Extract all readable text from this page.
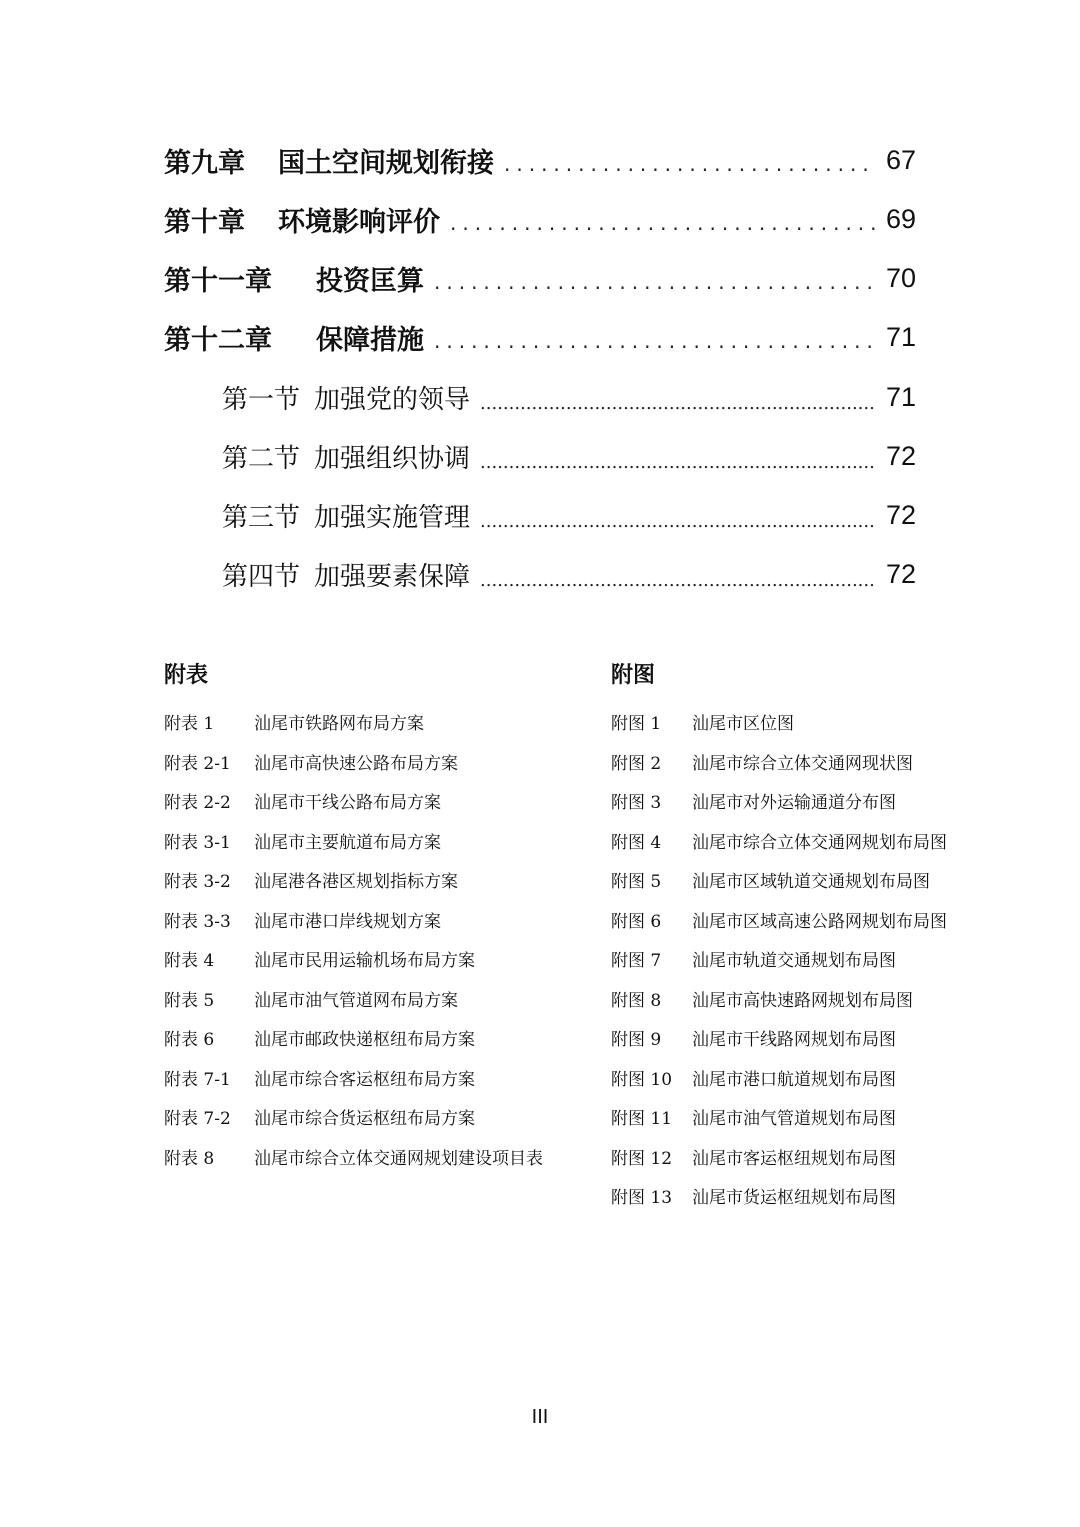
第九章 国土空间规划衔接 .....	67
第十章 环境影响评价 .....	69
第十一章 投资匡算 .....	70
第十二章 保障措施 .....	71
第一节 加强党的领导 .....	71
第二节 加强组织协调 .....	72
第三节 加强实施管理 .....	72
第四节 加强要素保障 .....	72
附表
附表 1	汕尾市铁路网布局方案
附表 2-1	汕尾市高快速公路布局方案
附表 2-2	汕尾市干线公路布局方案
附表 3-1	汕尾市主要航道布局方案
附表 3-2	汕尾港各港区规划指标方案
附表 3-3	汕尾市港口岸线规划方案
附表 4	汕尾市民用运输机场布局方案
附表 5	汕尾市油气管道网布局方案
附表 6	汕尾市邮政快递枢纽布局方案
附表 7-1	汕尾市综合客运枢纽布局方案
附表 7-2	汕尾市综合货运枢纽布局方案
附表 8	汕尾市综合立体交通网规划建设项目表
附图
附图 1	汕尾市区位图
附图 2	汕尾市综合立体交通网现状图
附图 3	汕尾市对外运输通道分布图
附图 4	汕尾市综合立体交通网规划布局图
附图 5	汕尾市区域轨道交通规划布局图
附图 6	汕尾市区域高速公路网规划布局图
附图 7	汕尾市轨道交通规划布局图
附图 8	汕尾市高快速路网规划布局图
附图 9	汕尾市干线路网规划布局图
附图 10	汕尾市港口航道规划布局图
附图 11	汕尾市油气管道规划布局图
附图 12	汕尾市客运枢纽规划布局图
附图 13	汕尾市货运枢纽规划布局图
III
